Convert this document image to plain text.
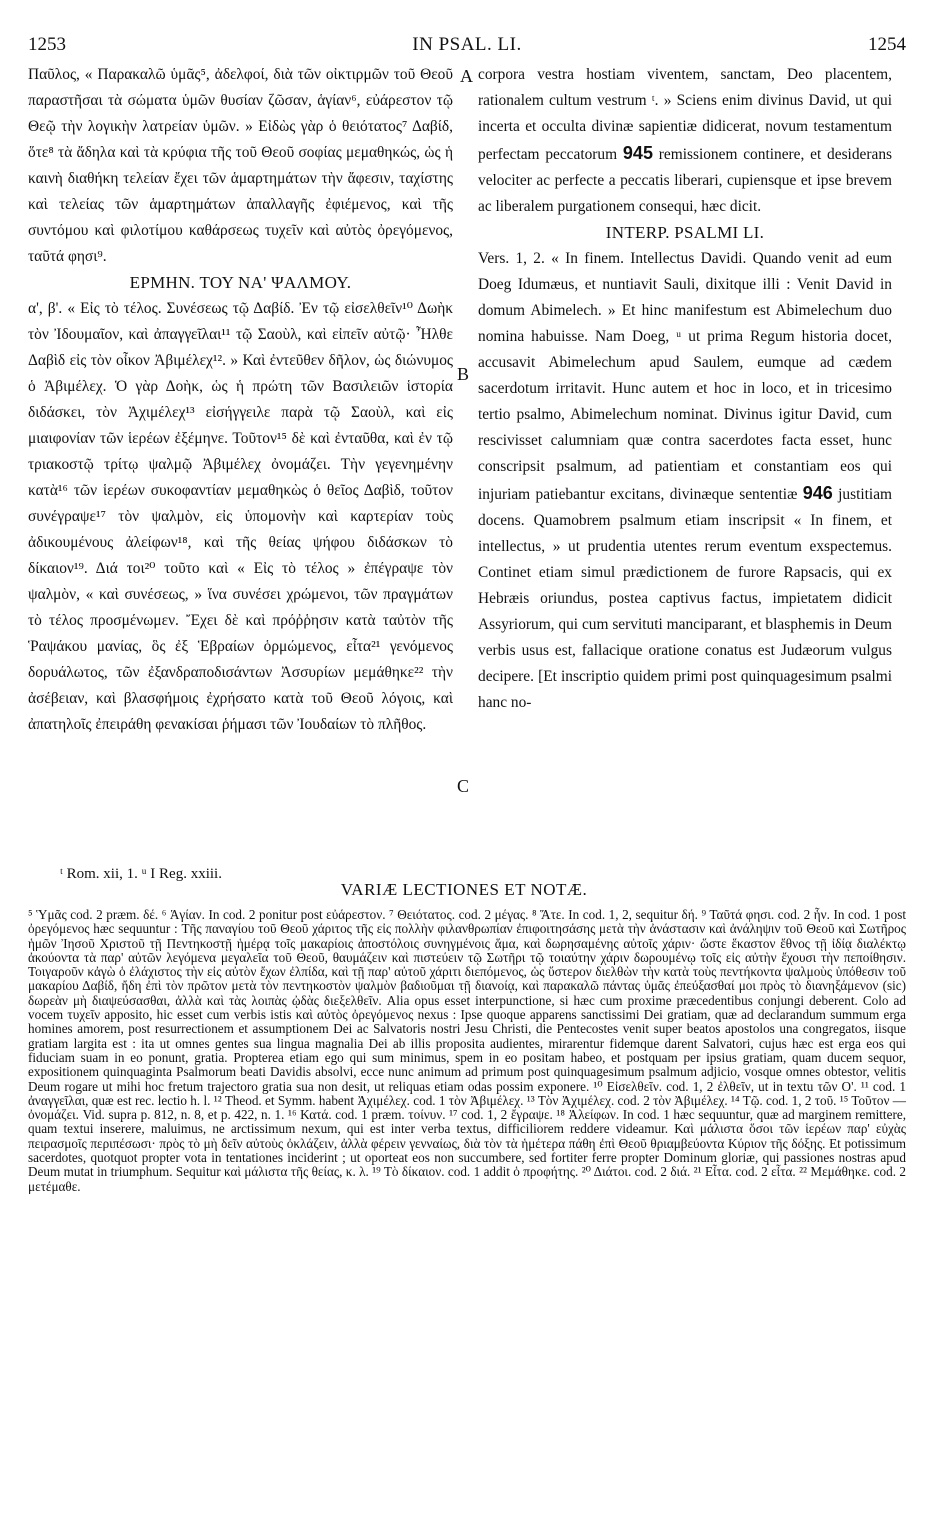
1253	IN PSAL. LI.	1254

Παῦλος, « Παρακαλῶ ὑμᾶς⁵, ἀδελφοί, διὰ τῶν οἰκτιρμῶν τοῦ Θεοῦ παραστῆσαι τὰ σώματα ὑμῶν θυσίαν ζῶσαν, ἁγίαν⁶, εὐάρεστον τῷ Θεῷ τὴν λογικὴν λατρείαν ὑμῶν. » Εἰδὼς γὰρ ὁ θειότατος⁷ Δαβίδ, ὅτε⁸ τὰ ἄδηλα καὶ τὰ κρύφια τῆς τοῦ Θεοῦ σοφίας μεμαθηκώς, ὡς ἡ καινὴ διαθήκη τελείαν ἔχει τῶν ἁμαρτημάτων τὴν ἄφεσιν, ταχίστης καὶ τελείας τῶν ἁμαρτημάτων ἀπαλλαγῆς ἐφιέμενος, καὶ τῆς συντόμου καὶ φιλοτίμου καθάρσεως τυχεῖν καὶ αὐτὸς ὀρεγόμενος, ταῦτά φησι⁹.

ΕΡΜΗΝ. ΤΟΥ ΝΑ' ΨΑΛΜΟΥ.

α', β'. « Εἰς τὸ τέλος. Συνέσεως τῷ Δαβίδ. Ἐν τῷ εἰσελθεῖν¹⁰ Δωὴκ τὸν Ἰδουμαῖον, καὶ ἀπαγγεῖλαι¹¹ τῷ Σαοὺλ, καὶ εἰπεῖν αὐτῷ· Ἦλθε Δαβὶδ εἰς τὸν οἶκον Ἀβιμέλεχ¹². » Καὶ ἐντεῦθεν δῆλον, ὡς διώνυμος ὁ Ἀβιμέλεχ. Ὁ γὰρ Δοὴκ, ὡς ἡ πρώτη τῶν Βασιλειῶν ἱστορία διδάσκει, τὸν Ἀχιμέλεχ¹³ εἰσήγγειλε παρὰ τῷ Σαοὺλ, καὶ εἰς μιαιφονίαν τῶν ἱερέων ἐξέμηνε. Τοῦτον¹⁵ δὲ καὶ ἐνταῦθα, καὶ ἐν τῷ τριακοστῷ τρίτῳ ψαλμῷ Ἀβιμέλεχ ὀνομάζει. Τὴν γεγενημένην κατὰ¹⁶ τῶν ἱερέων συκοφαντίαν μεμαθηκὼς ὁ θεῖος Δαβὶδ, τοῦτον συνέγραψε¹⁷ τὸν ψαλμὸν, εἰς ὑπομονὴν καὶ καρτερίαν τοὺς ἀδικουμένους ἀλείφων¹⁸, καὶ τῆς θείας ψήφου διδάσκων τὸ δίκαιον¹⁹. Διά τοι²⁰ τοῦτο καὶ « Εἰς τὸ τέλος » ἐπέγραψε τὸν ψαλμὸν, « καὶ συνέσεως, » ἵνα συνέσει χρώμενοι, τῶν πραγμάτων τὸ τέλος προσμένωμεν. Ἔχει δὲ καὶ πρόῤῥησιν κατὰ ταὐτὸν τῆς Ῥαψάκου μανίας, ὃς ἐξ Ἑβραίων ὁρμώμενος, εἶτα²¹ γενόμενος δορυάλωτος, τῶν ἐξανδραποδισάντων Ἀσσυρίων μεμάθηκε²² τὴν ἀσέβειαν, καὶ βλασφήμοις ἐχρήσατο κατὰ τοῦ Θεοῦ λόγοις, καὶ ἀπατηλοῖς ἐπειράθη φενακίσαι ῥήμασι τῶν Ἰουδαίων τὸ πλῆθος.

corpora vestra hostiam viventem, sanctam, Deo placentem, rationalem cultum vestrum ᵗ. » Sciens enim divinus David, ut qui incerta et occulta divinæ sapientiæ didicerat, novum testamentum perfectam peccatorum 945 remissionem continere, et desiderans velociter ac perfecte a peccatis liberari, cupiensque et ipse brevem ac liberalem purgationem consequi, hæc dicit.

INTERP. PSALMI LI.

Vers. 1, 2. « In finem. Intellectus Davidi. Quando venit ad eum Doeg Idumæus, et nuntiavit Sauli, dixitque illi : Venit David in domum Abimelech. » Et hinc manifestum est Abimelechum duo nomina habuisse. Nam Doeg, ᵘ ut prima Regum historia docet, accusavit Abimelechum apud Saulem, eumque ad cædem sacerdotum irritavit. Hunc autem et hoc in loco, et in tricesimo tertio psalmo, Abimelechum nominat. Divinus igitur David, cum rescivisset calumniam quæ contra sacerdotes facta esset, hunc conscripsit psalmum, ad patientiam et constantiam eos qui injuriam patiebantur excitans, divinæque sententiæ 946 justitiam docens. Quamobrem psalmum etiam inscripsit « In finem, et intellectus, » ut prudentia utentes rerum eventum exspectemus. Continet etiam simul prædictionem de furore Rapsacis, qui ex Hebræis oriundus, postea captivus factus, impietatem didicit Assyriorum, qui cum servituti manciparant, et blasphemis in Deum verbis usus est, fallacique oratione conatus est Judæorum vulgus decipere. [Et inscriptio quidem primi post quinquagesimum psalmi hanc no-

A
B
C
ᵗ Rom. xii, 1. ᵘ I Reg. xxiii.
VARIÆ LECTIONES ET NOTÆ.

⁵ Ὑμᾶς cod. 2 præm. δέ. ⁶ Ἁγίαν. In cod. 2 ponitur post εὐάρεστον. ⁷ Θειότατος. cod. 2 μέγας. ⁸ Ἅτε. In cod. 1, 2, sequitur δή. ⁹ Ταῦτά φησι. cod. 2 ἦν. In cod. 1 post ὀρεγόμενος hæc sequuntur : Τῆς παναγίου τοῦ Θεοῦ χάριτος τῆς εἰς πολλὴν φιλανθρωπίαν ἐπιφοιτησάσης μετὰ τὴν ἀνάστασιν καὶ ἀνάληψιν τοῦ Θεοῦ καὶ Σωτῆρος ἡμῶν Ἰησοῦ Χριστοῦ τῇ Πεντηκοστῇ ἡμέρᾳ τοῖς μακαρίοις ἀποστόλοις συνηγμένοις ἅμα, καὶ δωρησαμένης αὐτοῖς χάριν· ὥστε ἕκαστον ἔθνος τῇ ἰδίᾳ διαλέκτῳ ἀκούοντα τὰ παρ' αὐτῶν λεγόμενα μεγαλεῖα τοῦ Θεοῦ, θαυμάζειν καὶ πιστεύειν τῷ Σωτῆρι τῷ τοιαύτην χάριν δωρουμένῳ τοῖς εἰς αὐτὴν ἔχουσι τὴν πεποίθησιν. Τοιγαροῦν κἀγὼ ὁ ἐλάχιστος τὴν εἰς αὐτὸν ἔχων ἐλπίδα, καὶ τῇ παρ' αὐτοῦ χάριτι διεπόμενος, ὡς ὕστερον διελθὼν τὴν κατὰ τοὺς πεντήκοντα ψαλμοὺς ὑπόθεσιν τοῦ μακαρίου Δαβίδ, ἤδη ἐπὶ τὸν πρῶτον μετὰ τὸν πεντηκοστὸν ψαλμὸν βαδιοῦμαι τῇ διανοίᾳ, καὶ παρακαλῶ πάντας ὑμᾶς ἐπεύξασθαί μοι πρὸς τὸ διανηξάμενον (sic) δωρεὰν μὴ διαψεύσασθαι, ἀλλὰ καὶ τὰς λοιπὰς ᾠδὰς διεξελθεῖν. Alia opus esset interpunctione, si hæc cum proxime præcedentibus conjungi deberent. Colo ad vocem τυχεῖν apposito, hic esset cum verbis istis καὶ αὐτὸς ὀρεγόμενος nexus : Ipse quoque apparens sanctissimi Dei gratiam, quæ ad declarandum summum erga homines amorem, post resurrectionem et assumptionem Dei ac Salvatoris nostri Jesu Christi, die Pentecostes venit super beatos apostolos una congregatos, iisque gratiam largita est : ita ut omnes gentes sua lingua magnalia Dei ab illis proposita audientes, mirarentur fidemque darent Salvatori, cujus hæc est erga eos qui fiduciam suam in eo ponunt, gratia. Propterea etiam ego qui sum minimus, spem in eo positam habeo, et postquam per ipsius gratiam, quam ducem sequor, expositionem quinquaginta Psalmorum beati Davidis absolvi, ecce nunc animum ad primum post quinquagesimum psalmum adjicio, vosque omnes obtestor, velitis Deum rogare ut mihi hoc fretum trajectoro gratia sua non desit, ut reliquas etiam odas possim exponere. ¹⁰ Εἰσελθεῖν. cod. 1, 2 ἐλθεῖν, ut in textu τῶν Ο'. ¹¹ cod. 1 ἀναγγεῖλαι, quæ est rec. lectio h. l. ¹² Theod. et Symm. habent Ἀχιμέλεχ. cod. 1 τὸν Ἀβιμέλεχ. ¹³ Τὸν Ἀχιμέλεχ. cod. 2 τὸν Ἀβιμέλεχ. ¹⁴ Τῷ. cod. 1, 2 τοῦ. ¹⁵ Τοῦτον — ὀνομάζει. Vid. supra p. 812, n. 8, et p. 422, n. 1. ¹⁶ Κατά. cod. 1 præm. τοίνυν. ¹⁷ cod. 1, 2 ἔγραψε. ¹⁸ Ἀλείφων. In cod. 1 hæc sequuntur, quæ ad marginem remittere, quam textui inserere, maluimus, ne arctissimum nexum, qui est inter verba textus, difficiliorem reddere videamur. Καὶ μάλιστα ὅσοι τῶν ἱερέων παρ' εὐχὰς πειρασμοῖς περιπέσωσι· πρὸς τὸ μὴ δεῖν αὐτοὺς ὀκλάζειν, ἀλλὰ φέρειν γενναίως, διὰ τὸν τὰ ἡμέτερα πάθη ἐπὶ Θεοῦ θριαμβεύοντα Κύριον τῆς δόξης. Et potissimum sacerdotes, quotquot propter vota in tentationes inciderint ; ut oporteat eos non succumbere, sed fortiter ferre propter Dominum gloriæ, qui passiones nostras apud Deum mutat in triumphum. Sequitur καὶ μάλιστα τῆς θείας, κ. λ. ¹⁹ Τὸ δίκαιον. cod. 1 addit ὁ προφήτης. ²⁰ Διάτοι. cod. 2 διά. ²¹ Εἶτα. cod. 2 εἶτα. ²² Μεμάθηκε. cod. 2 μετέμαθε.
